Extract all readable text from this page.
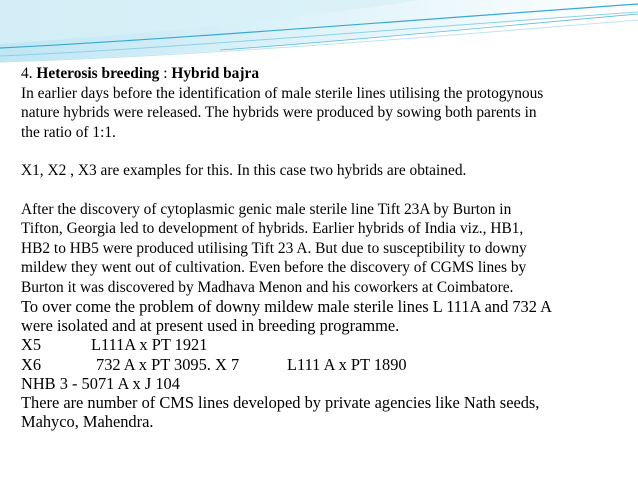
4. Heterosis breeding : Hybrid bajra

In earlier days before the identification of male sterile lines utilising the protogynous

nature hybrids were released. The hybrids were produced by sowing both parents in

the ratio of 1:1.

X1, X2 , X3 are examples for this. In this case two hybrids are obtained.

After the discovery of cytoplasmic genic male sterile line Tift 23A by Burton in

Tifton, Georgia led to development of hybrids. Earlier hybrids of India viz., HB1,

HB2 to HB5 were produced utilising Tift 23 A. But due to susceptibility to downy

mildew they went out of cultivation. Even before the discovery of CGMS lines by

Burton it was discovered by Madhava Menon and his coworkers at Coimbatore.

To over come the problem of downy mildew male sterile lines L 111A and 732 A

were isolated and at present used in breeding programme.

X5	L111A x PT 1921

X6	732 A x PT 3095. X 7	L111 A x PT 1890

NHB 3 - 5071 A x J 104

There are number of CMS lines developed by private agencies like Nath seeds,

Mahyco, Mahendra.
